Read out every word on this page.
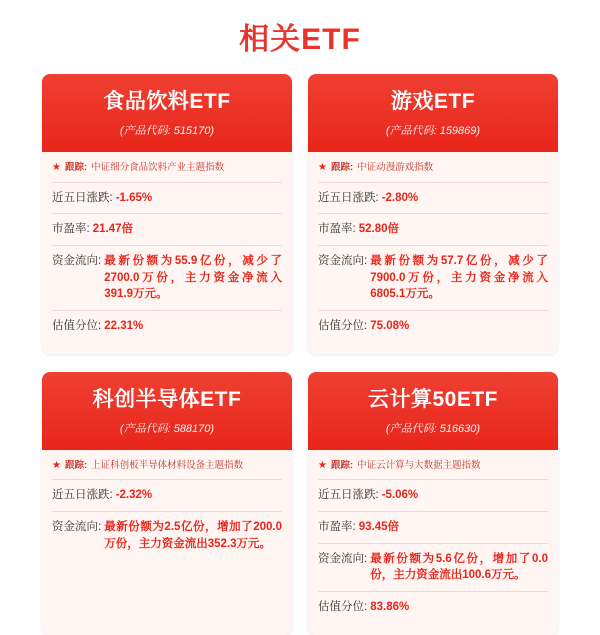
相关ETF
食品饮料ETF
(产品代码: 515170)
★ 跟踪: 中证细分食品饮料产业主题指数
近五日涨跌: -1.65%
市盈率: 21.47倍
资金流向: 最新份额为55.9亿份，减少了2700.0万份，主力资金净流入391.9万元。
估值分位: 22.31%
游戏ETF
(产品代码: 159869)
★ 跟踪: 中证动漫游戏指数
近五日涨跌: -2.80%
市盈率: 52.80倍
资金流向: 最新份额为57.7亿份，减少了7900.0万份，主力资金净流入6805.1万元。
估值分位: 75.08%
科创半导体ETF
(产品代码: 588170)
★ 跟踪: 上证科创板半导体材料设备主题指数
近五日涨跌: -2.32%
资金流向: 最新份额为2.5亿份，增加了200.0万份，主力资金流出352.3万元。
云计算50ETF
(产品代码: 516630)
★ 跟踪: 中证云计算与大数据主题指数
近五日涨跌: -5.06%
市盈率: 93.45倍
资金流向: 最新份额为5.6亿份，增加了0.0份，主力资金流出100.6万元。
估值分位: 83.86%
